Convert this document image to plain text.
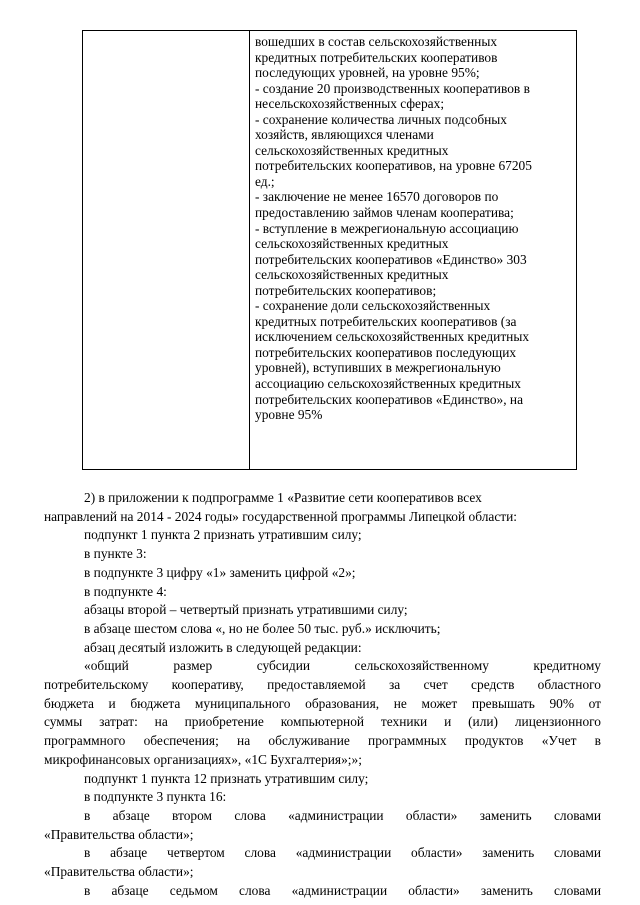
вошедших в состав сельскохозяйственных
кредитных потребительских кооперативов
последующих уровней, на уровне 95%;
- создание 20 производственных кооперативов в
несельскохозяйственных сферах;
- сохранение количества личных подсобных
хозяйств, являющихся членами
сельскохозяйственных кредитных
потребительских кооперативов, на уровне 67205
ед.;
- заключение не менее 16570 договоров по
предоставлению займов членам кооператива;
- вступление в межрегиональную ассоциацию
сельскохозяйственных кредитных
потребительских кооперативов «Единство» 303
сельскохозяйственных кредитных
потребительских кооперативов;
- сохранение доли сельскохозяйственных
кредитных потребительских кооперативов (за
исключением сельскохозяйственных кредитных
потребительских кооперативов последующих
уровней), вступивших в межрегиональную
ассоциацию сельскохозяйственных кредитных
потребительских кооперативов «Единство», на
уровне 95%
2) в приложении к подпрограмме 1 «Развитие сети кооперативов всех
направлений на 2014 - 2024 годы» государственной программы Липецкой области:
подпункт 1 пункта 2 признать утратившим силу;
в пункте 3:
в подпункте 3 цифру «1» заменить цифрой «2»;
в подпункте 4:
абзацы второй – четвертый признать утратившими силу;
в абзаце шестом слова «, но не более 50 тыс. руб.» исключить;
абзац десятый изложить в следующей редакции:
«общий размер субсидии сельскохозяйственному кредитному
потребительскому кооперативу, предоставляемой за счет средств областного
бюджета и бюджета муниципального образования, не может превышать 90% от
суммы затрат: на приобретение компьютерной техники и (или) лицензионного
программного обеспечения; на обслуживание программных продуктов «Учет в
микрофинансовых организациях», «1С Бухгалтерия»;»;
подпункт 1 пункта 12 признать утратившим силу;
в подпункте 3 пункта 16:
в абзаце втором слова «администрации области» заменить словами
«Правительства области»;
в абзаце четвертом слова «администрации области» заменить словами
«Правительства области»;
в абзаце седьмом слова «администрации области» заменить словами
